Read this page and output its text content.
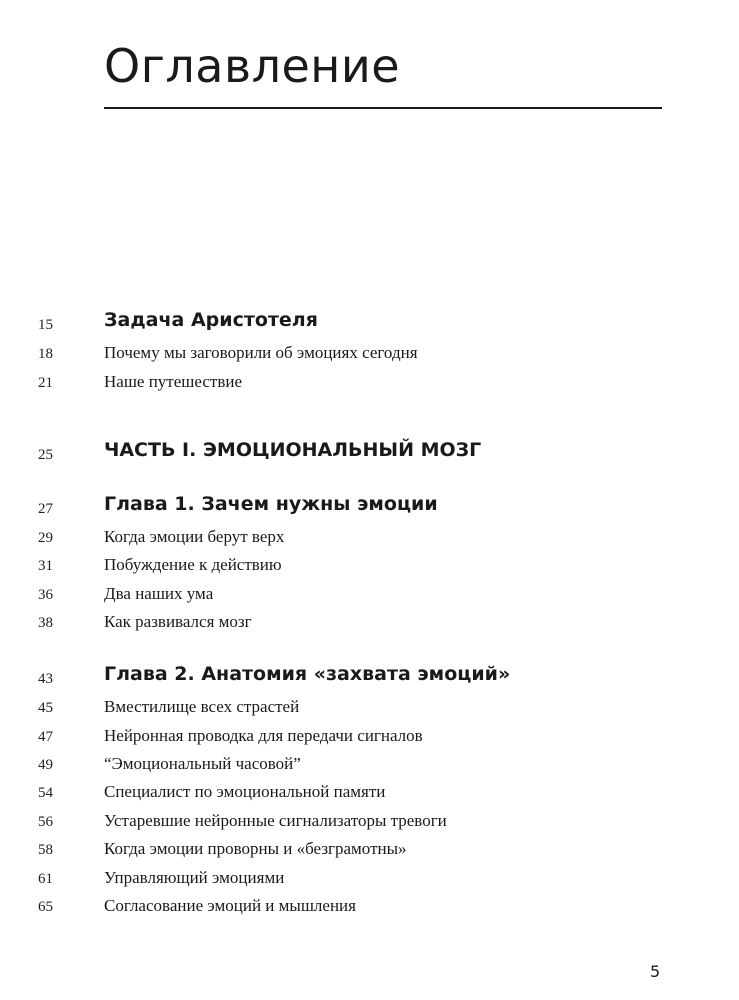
Оглавление
15	Задача Аристотеля
18	Почему мы заговорили об эмоциях сегодня
21	Наше путешествие
25	ЧАСТЬ I. ЭМОЦИОНАЛЬНЫЙ МОЗГ
27	Глава 1. Зачем нужны эмоции
29	Когда эмоции берут верх
31	Побуждение к действию
36	Два наших ума
38	Как развивался мозг
43	Глава 2. Анатомия «захвата эмоций»
45	Вместилище всех страстей
47	Нейронная проводка для передачи сигналов
49	“Эмоциональный часовой”
54	Специалист по эмоциональной памяти
56	Устаревшие нейронные сигнализаторы тревоги
58	Когда эмоции проворны и «безграмотны»
61	Управляющий эмоциями
65	Согласование эмоций и мышления
5
